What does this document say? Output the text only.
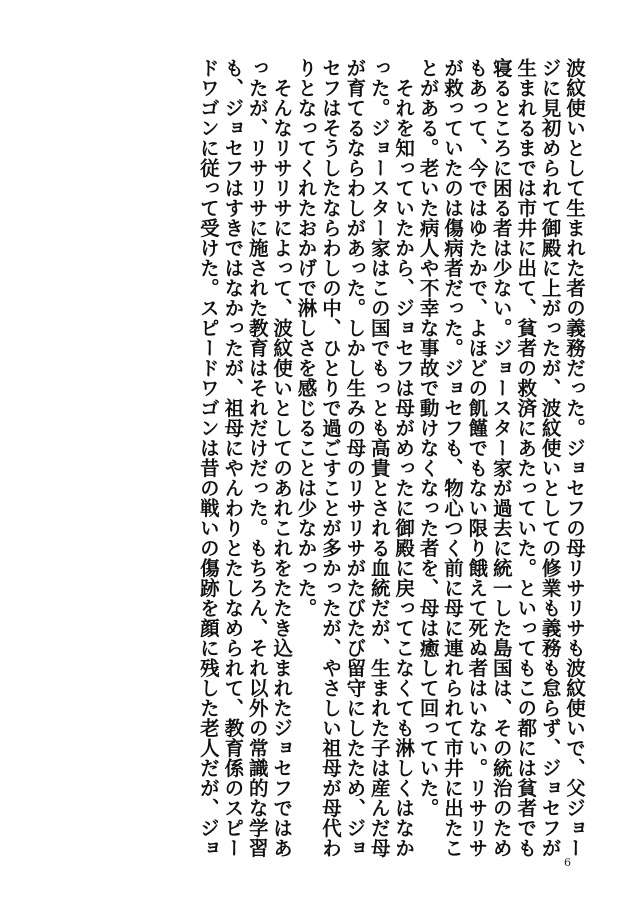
波紋使いとして生まれた者の義務だった。ジョセフの母リサリサも波紋使いで、父ジョー
ジに見初められて御殿に上がったが、波紋使いとしての修業も義務も怠らず、ジョセフが
生まれるまでは市井に出て、貧者の救済にあたっていた。といってもこの都には貧者でも
寝るところに困る者は少ない。ジョースター家が過去に統一した島国は、その統治のため
もあって、今ではゆたかで、よほどの飢饉でもない限り餓えて死ぬ者はいない。リサリサ
が救っていたのは傷病者だった。ジョセフも、物心つく前に母に連れられて市井に出たこ
とがある。老いた病人や不幸な事故で動けなくなった者を、母は癒して回っていた。
　それを知っていたから、ジョセフは母がめったに御殿に戻ってこなくても淋しくはなか
った。ジョースター家はこの国でもっとも高貴とされる血統だが、生まれた子は産んだ母
が育てるならわしがあった。しかし生みの母のリサリサがたびたび留守にしたため、ジョ
セフはそうしたならわしの中、ひとりで過ごすことが多かったが、やさしい祖母が母代わ
りとなってくれたおかげで淋しさを感じることは少なかった。
　そんなリサリサによって、波紋使いとしてのあれこれをたたき込まれたジョセフではあ
ったが、リサリサに施された教育はそれだけだった。もちろん、それ以外の常識的な学習
も、ジョセフはすきではなかったが、祖母にやんわりとたしなめられて、教育係のスピー
ドワゴンに従って受けた。スピードワゴンは昔の戦いの傷跡を顔に残した老人だが、ジョ
6
